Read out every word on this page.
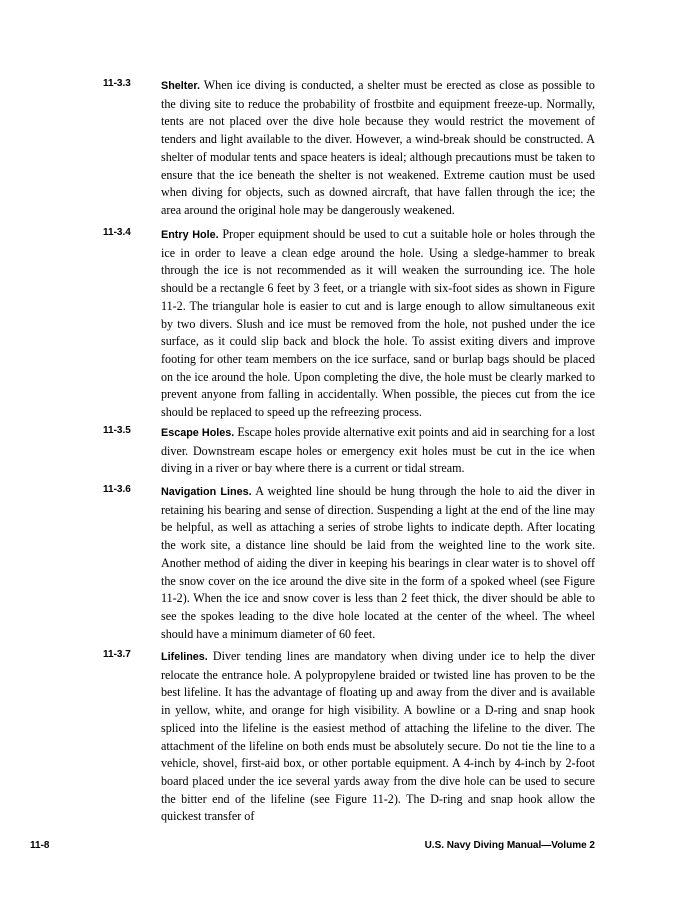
11-3.3	Shelter. When ice diving is conducted, a shelter must be erected as close as possible to the diving site to reduce the probability of frostbite and equipment freeze-up. Normally, tents are not placed over the dive hole because they would restrict the movement of tenders and light available to the diver. However, a wind-break should be constructed. A shelter of modular tents and space heaters is ideal; although precautions must be taken to ensure that the ice beneath the shelter is not weakened. Extreme caution must be used when diving for objects, such as downed aircraft, that have fallen through the ice; the area around the original hole may be dangerously weakened.
11-3.4	Entry Hole. Proper equipment should be used to cut a suitable hole or holes through the ice in order to leave a clean edge around the hole. Using a sledge-hammer to break through the ice is not recommended as it will weaken the surrounding ice. The hole should be a rectangle 6 feet by 3 feet, or a triangle with six-foot sides as shown in Figure 11-2. The triangular hole is easier to cut and is large enough to allow simultaneous exit by two divers. Slush and ice must be removed from the hole, not pushed under the ice surface, as it could slip back and block the hole. To assist exiting divers and improve footing for other team members on the ice surface, sand or burlap bags should be placed on the ice around the hole. Upon completing the dive, the hole must be clearly marked to prevent anyone from falling in accidentally. When possible, the pieces cut from the ice should be replaced to speed up the refreezing process.
11-3.5	Escape Holes. Escape holes provide alternative exit points and aid in searching for a lost diver. Downstream escape holes or emergency exit holes must be cut in the ice when diving in a river or bay where there is a current or tidal stream.
11-3.6	Navigation Lines. A weighted line should be hung through the hole to aid the diver in retaining his bearing and sense of direction. Suspending a light at the end of the line may be helpful, as well as attaching a series of strobe lights to indicate depth. After locating the work site, a distance line should be laid from the weighted line to the work site. Another method of aiding the diver in keeping his bearings in clear water is to shovel off the snow cover on the ice around the dive site in the form of a spoked wheel (see Figure 11-2). When the ice and snow cover is less than 2 feet thick, the diver should be able to see the spokes leading to the dive hole located at the center of the wheel. The wheel should have a minimum diameter of 60 feet.
11-3.7	Lifelines. Diver tending lines are mandatory when diving under ice to help the diver relocate the entrance hole. A polypropylene braided or twisted line has proven to be the best lifeline. It has the advantage of floating up and away from the diver and is available in yellow, white, and orange for high visibility. A bowline or a D-ring and snap hook spliced into the lifeline is the easiest method of attaching the lifeline to the diver. The attachment of the lifeline on both ends must be absolutely secure. Do not tie the line to a vehicle, shovel, first-aid box, or other portable equipment. A 4-inch by 4-inch by 2-foot board placed under the ice several yards away from the dive hole can be used to secure the bitter end of the lifeline (see Figure 11-2). The D-ring and snap hook allow the quickest transfer of
11-8	U.S. Navy Diving Manual—Volume 2
